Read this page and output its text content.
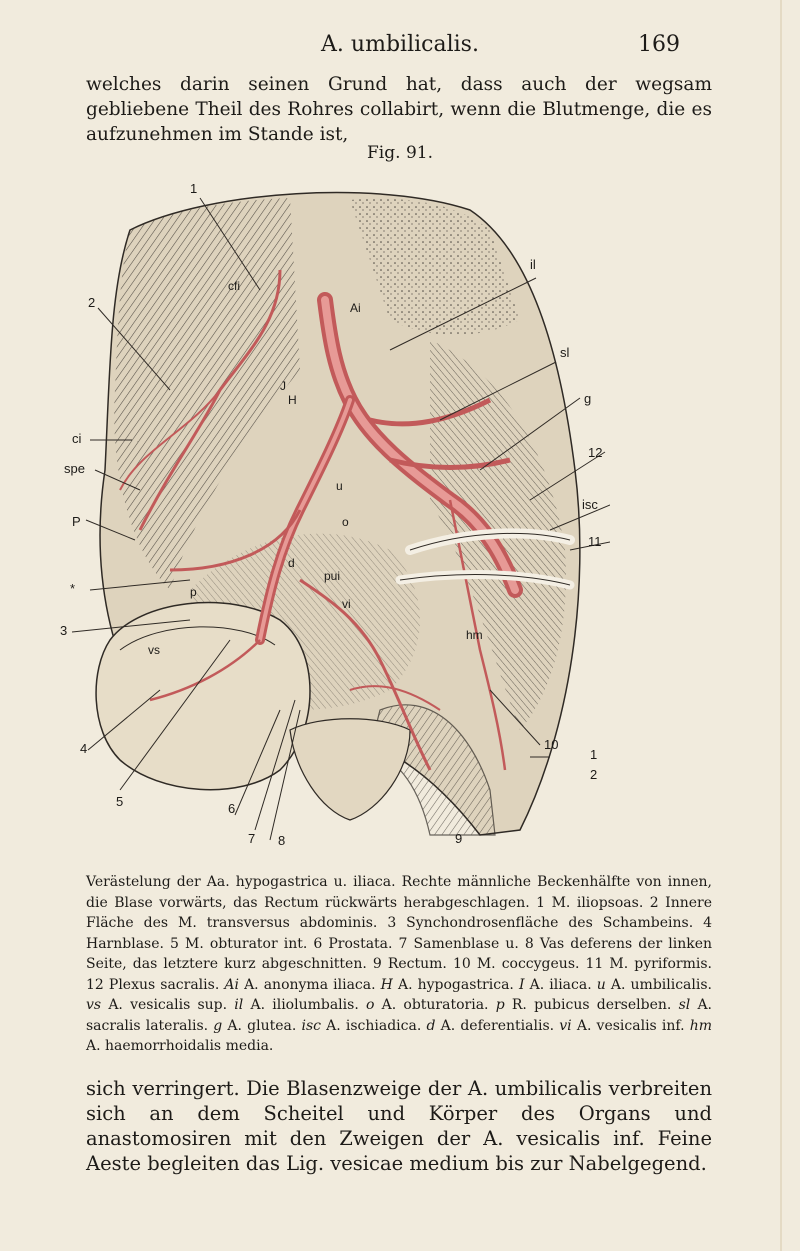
A. umbilicalis.	169

welches darin seinen Grund hat, dass auch der wegsam gebliebene Theil des Rohres collabirt, wenn die Blutmenge, die es aufzunehmen im Stande ist,

Fig. 91.
1
2
ci
spe
P
*
3
4
5	6
7 8	9
il
sl
g
12
isc
11
10
1
2
cfi
J
H
Ai
u
o
d
pui
vi
p
vs
hm
Verästelung der Aa. hypogastrica u. iliaca. Rechte männliche Beckenhälfte von innen, die Blase vorwärts, das Rectum rückwärts herabgeschlagen. 1 M. iliopsoas. 2 Innere Fläche des M. transversus abdominis. 3 Synchondrosenfläche des Schambeins. 4 Harnblase. 5 M. obturator int. 6 Prostata. 7 Samenblase u. 8 Vas deferens der linken Seite, das letztere kurz abgeschnitten. 9 Rectum. 10 M. coccygeus. 11 M. pyriformis. 12 Plexus sacralis. Ai A. anonyma iliaca. H A. hypogastrica. I A. iliaca. u A. umbilicalis. vs A. vesicalis sup. il A. iliolumbalis. o A. obturatoria. p R. pubicus derselben. sl A. sacralis lateralis. g A. glutea. isc A. ischiadica. d A. deferentialis. vi A. vesicalis inf. hm A. haemorrhoidalis media.

sich verringert. Die Blasenzweige der A. umbilicalis verbreiten sich an dem Scheitel und Körper des Organs und anastomosiren mit den Zweigen der A. vesicalis inf. Feine Aeste begleiten das Lig. vesicae medium bis zur Nabelgegend.
